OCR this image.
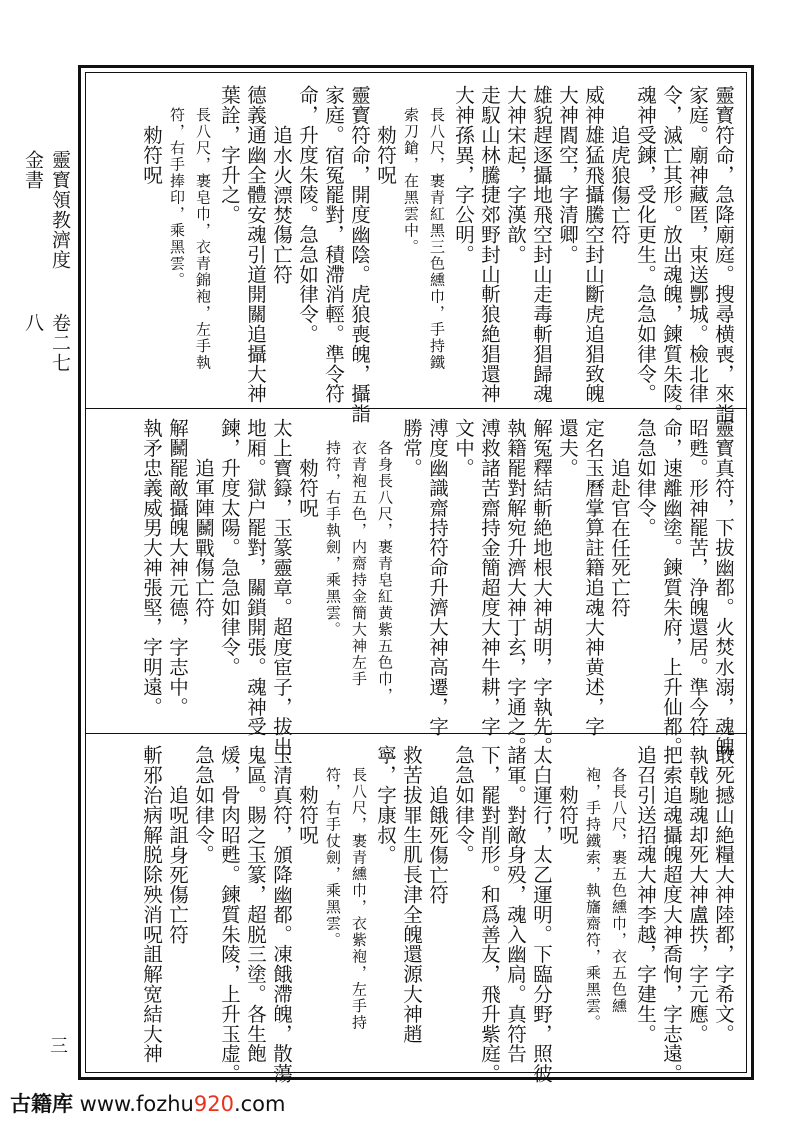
靈寳領教濟度金書
卷二七八
三
靈寳符命，急降廟庭。搜尋横喪，來詣
家庭。廟神藏匿，束送酆城。檢北律
令，滅亡其形。放出魂魄，鍊質朱陵。
魂神受鍊，受化更生。急急如律令。
追虎狼傷亡符
威神雄猛飛攝騰空封山斷虎追猖致魄
大神閻空，字清卿。
雄貌趕逐攝地飛空封山走毒斬猖歸魂
大神宋起，字漢歆。
走馭山林騰捷郊野封山斬狼絶猖還神
大神孫異，字公明。
長八尺，裹青紅黑三色纁巾，手持鐵
索刀鎗，在黑雲中。
勑符呪
靈寳符命，開度幽陰。虎狼喪魄，攝詣
家庭。宿冤罷對，積滯消輕。準令符
命，升度朱陵。急急如律令。
追水火漂焚傷亡符
德義通幽全體安魂引道開關追攝大神
葉詮，字升之。
長八尺，裹皂巾，衣青錦袍，左手執
符，右手捧印，乘黑雲。
勑符呪
靈寳真符，下拔幽都。火焚水溺，魂魄
昭甦。形神罷苦，浄魄還居。準今符
命，速離幽塗。鍊質朱府，上升仙都。
急急如律令。
追赴官在任死亡符
定名玉曆掌算註籍追魂大神黄述，字
還夫。
解冤釋結斬絶地根大神胡明，字執先。
執籍罷對解宛升濟大神丁玄，字通之。
溥救諸苦齋持金簡超度大神牛耕，字
文中。
溥度幽識齋持符命升濟大神高遷，字
勝常。
各身長八尺，裹青皂紅黄紫五色巾，
衣青袍五色，内齋持金簡大神左手
持符，右手執劍，乘黑雲。
勑符呪
太上寳籙，玉篆靈章。超度宦子，拔出
地厢。獄户罷對，關鎖開張。魂神受
鍊，升度太陽。急急如律令。
追軍陣鬭戰傷亡符
解鬭罷敵攝魄大神元德，字志中。
執矛忠義威男大神張堅，字明遠。
敢死撼山絶糧大神陸都，字希文。
執戟馳魂却死大神盧抶，字元應。
把索追魂攝魄超度大神喬恂，字志遠。
追召引送招魂大神李越，字建生。
各長八尺，裹五色纁巾，衣五色纁
袍，手持鐵索，執旛齋符，乘黑雲。
勑符呪
太白運行，太乙運明。下臨分野，照彼
諸軍。對敵身殁，魂入幽扃。真符告
下，罷對削形。和爲善友，飛升紫庭。
急急如律令。
追餓死傷亡符
救苦拔罪生肌長津全魄還源大神趙
寧，字康叔。
長八尺，裹青纁巾，衣紫袍，左手持
符，右手仗劍，乘黑雲。
勑符呪
玉清真符，頒降幽都。凍餓滯魄，散蕩
鬼區。賜之玉篆，超脱三塗。各生飽
煖，骨肉昭甦。鍊質朱陵，上升玉虚。
急急如律令。
追呪詛身死傷亡符
斬邪治病解脱除殃消呪詛解宽結大神
古籍库 www.fozhu920.com
